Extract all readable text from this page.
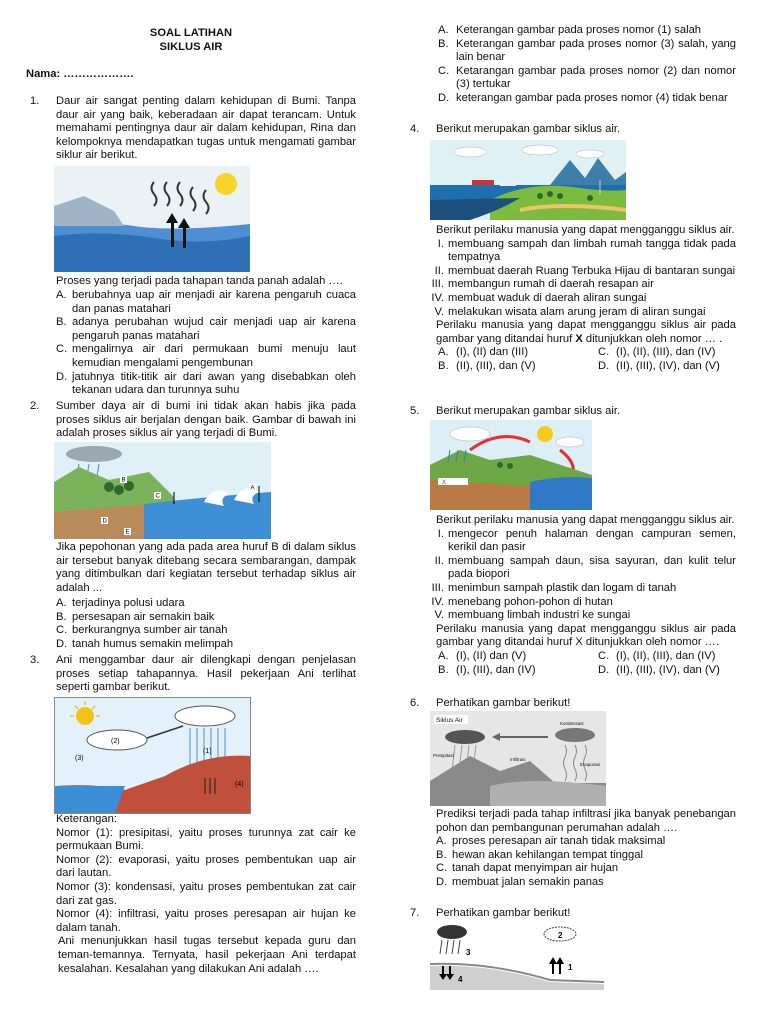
SOAL LATIHAN
SIKLUS AIR
Nama: ……………….
1. Daur air sangat penting dalam kehidupan di Bumi. Tanpa daur air yang baik, keberadaan air dapat terancam. Untuk memahami pentingnya daur air dalam kehidupan, Rina dan kelompoknya mendapatkan tugas untuk mengamati gambar siklur air berikut.
Proses yang terjadi pada tahapan tanda panah adalah ….
A. berubahnya uap air menjadi air karena pengaruh cuaca dan panas matahari
B. adanya perubahan wujud cair menjadi uap air karena pengaruh panas matahari
C. mengalirnya air dari permukaan bumi menuju laut kemudian mengalami pengembunan
D. jatuhnya titik-titik air dari awan yang disebabkan oleh tekanan udara dan turunnya suhu
2. Sumber daya air di bumi ini tidak akan habis jika pada proses siklus air berjalan dengan baik. Gambar di bawah ini adalah proses siklus air yang terjadi di Bumi.
A
B
C
D
E
Jika pepohonan yang ada pada area huruf B di dalam siklus air tersebut banyak ditebang secara sembarangan, dampak yang ditimbulkan dari kegiatan tersebut terhadap siklus air adalah ...
A. terjadinya polusi udara
B. persesapan air semakin baik
C. berkurangnya sumber air tanah
D. tanah humus semakin melimpah
3. Ani menggambar daur air dilengkapi dengan penjelasan proses setiap tahapannya. Hasil pekerjaan Ani terlihat seperti gambar berikut.
(2)
(3)
(1)
(4)
Keterangan:
Nomor (1): presipitasi, yaitu proses turunnya zat cair ke permukaan Bumi.
Nomor (2): evaporasi, yaitu proses pembentukan uap air dari lautan.
Nomor (3): kondensasi, yaitu proses pembentukan zat cair dari zat gas.
Nomor (4): infiltrasi, yaitu proses peresapan air hujan ke dalam tanah.
Ani menunjukkan hasil tugas tersebut kepada guru dan teman-temannya. Ternyata, hasil pekerjaan Ani terdapat kesalahan. Kesalahan yang dilakukan Ani adalah ….
A. Keterangan gambar pada proses nomor (1) salah
B. Keterangan gambar pada proses nomor (3) salah, yang lain benar
C. Ketarangan gambar pada proses nomor (2) dan nomor (3) tertukar
D. keterangan gambar pada proses nomor (4) tidak benar
4. Berikut merupakan gambar siklus air.
Berikut perilaku manusia yang dapat mengganggu siklus air.
I. membuang sampah dan limbah rumah tangga tidak pada tempatnya
II. membuat daerah Ruang Terbuka Hijau di bantaran sungai
III. membangun rumah di daerah resapan air
IV. membuat waduk di daerah aliran sungai
V. melakukan wisata alam arung jeram di aliran sungai
Perilaku manusia yang dapat mengganggu siklus air pada gambar yang ditandai huruf X ditunjukkan oleh nomor … .
A. (I), (II) dan (III)	C. (I), (II), (III), dan (IV)
B. (II), (III), dan (V)	D. (II), (III), (IV), dan (V)
5. Berikut merupakan gambar siklus air.
X
Berikut perilaku manusia yang dapat mengganggu siklus air.
I. mengecor penuh halaman dengan campuran semen, kerikil dan pasir
II. membuang sampah daun, sisa sayuran, dan kulit telur pada biopori
III. menimbun sampah plastik dan logam di tanah
IV. menebang pohon-pohon di hutan
V. membuang limbah industri ke sungai
Perilaku manusia yang dapat mengganggu siklus air pada gambar yang ditandai huruf X ditunjukkan oleh nomor ….
A. (I), (II) dan (V)	C. (I), (II), (III), dan (IV)
B. (I), (III), dan (IV)	D. (II), (III), (IV), dan (V)
6. Perhatikan gambar berikut!
Siklus Air	Kondensasi
Presipitasi
Infiltrasi
Evaporasi
Prediksi terjadi pada tahap infiltrasi jika banyak penebangan pohon dan pembangunan perumahan adalah ….
A. proses peresapan air tanah tidak maksimal
B. hewan akan kehilangan tempat tinggal
C. tanah dapat menyimpan air hujan
D. membuat jalan semakin panas
7. Perhatikan gambar berikut!
2
3
4
1
